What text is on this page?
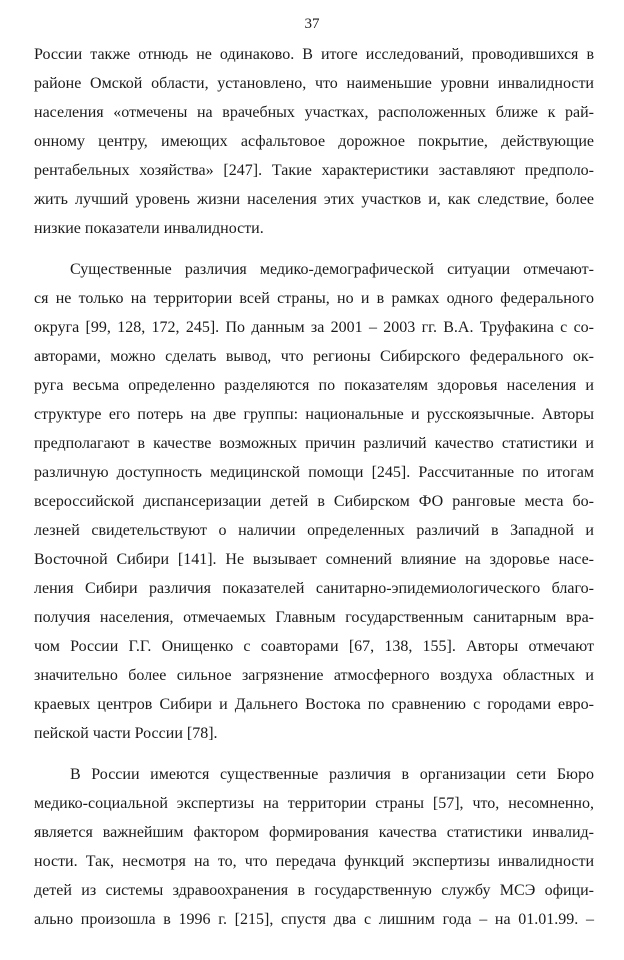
37
России также отнюдь не одинаково. В итоге исследований, проводившихся в
районе Омской области, установлено, что наименьшие уровни инвалидности
населения «отмечены на врачебных участках, расположенных ближе к рай-
онному центру, имеющих асфальтовое дорожное покрытие, действующие
рентабельных хозяйства» [247]. Такие характеристики заставляют предполо-
жить лучший уровень жизни населения этих участков и, как следствие, более
низкие показатели инвалидности.
Существенные различия медико-демографической ситуации отмечают-
ся не только на территории всей страны, но и в рамках одного федерального
округа [99, 128, 172, 245]. По данным за 2001 – 2003 гг. В.А. Труфакина с со-
авторами, можно сделать вывод, что регионы Сибирского федерального ок-
руга весьма определенно разделяются по показателям здоровья населения и
структуре его потерь на две группы: национальные и русскоязычные. Авторы
предполагают в качестве возможных причин различий качество статистики и
различную доступность медицинской помощи [245]. Рассчитанные по итогам
всероссийской диспансеризации детей в Сибирском ФО ранговые места бо-
лезней свидетельствуют о наличии определенных различий в Западной и
Восточной Сибири [141]. Не вызывает сомнений влияние на здоровье насе-
ления Сибири различия показателей санитарно-эпидемиологического благо-
получия населения, отмечаемых Главным государственным санитарным вра-
чом России Г.Г. Онищенко с соавторами [67, 138, 155]. Авторы отмечают
значительно более сильное загрязнение атмосферного воздуха областных и
краевых центров Сибири и Дальнего Востока по сравнению с городами евро-
пейской части России [78].
В России имеются существенные различия в организации сети Бюро
медико-социальной экспертизы на территории страны [57], что, несомненно,
является важнейшим фактором формирования качества статистики инвалид-
ности. Так, несмотря на то, что передача функций экспертизы инвалидности
детей из системы здравоохранения в государственную службу МСЭ офици-
ально произошла в 1996 г. [215], спустя два с лишним года – на 01.01.99. –
